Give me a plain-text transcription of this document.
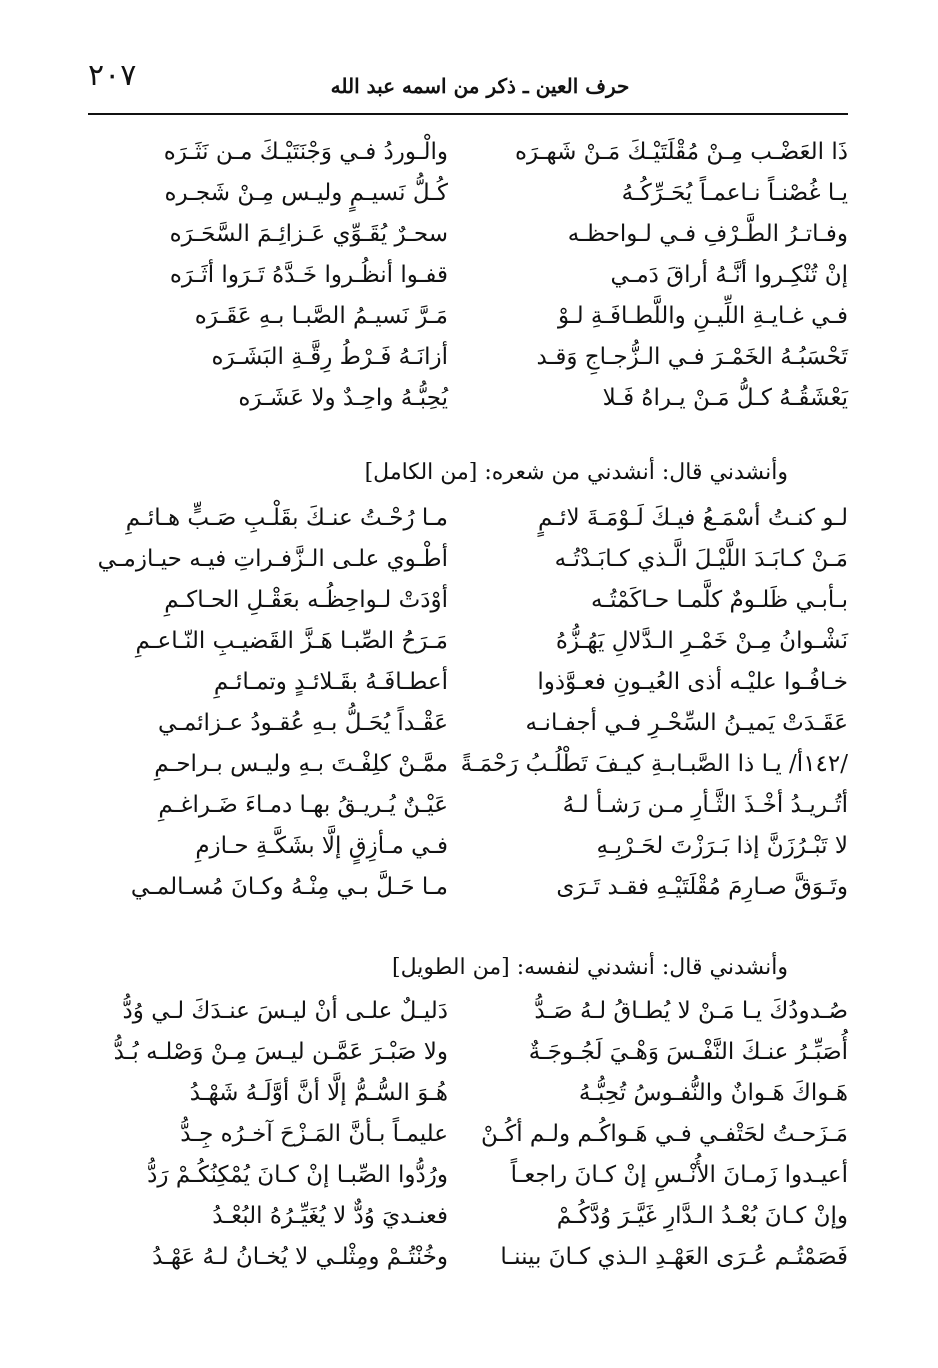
٢٠٧	حرف العين ـ ذكر من اسمه عبد الله
ذَا العَضْـب مِـنْ مُقْلَتَيْـكَ مَـنْ شَهـرَه
والْـوردُ فـي وَجْنَتَيْـكَ مـن نَثَـرَه
يـا غُصْنـاً نـاعمـاً يُحَـرِّكُـهُ
كُـلُّ نَسيـمٍ وليـس مِـنْ شَجـره
وفـاتـرُ الطَّـرْفِ فـي لـواحظـه
سحـرٌ يُقَـوِّي عَـزائِـمَ السَّحَـرَه
إنْ تُنْكِـروا أنَّـهُ أراقَ دَمـي
قفـوا أنظُـروا خَـدَّهُ تَـرَوا أثَـرَه
فـي غـايـةِ اللِّيـنِ واللَّطـافَـةِ لـوْ
مَـرَّ نَسيـمُ الصَّبـا بـهِ عَقَـرَه
تَحْسَبُـهُ الخَمْـرَ فـي الـزُّجـاجِ وَقـد
أزانَـهُ فَـرْطُ رِقَّـةِ البَشَـرَه
يَعْشَقُـهُ كـلُّ مَـنْ يـراهُ فَـلا
يُحِبُّـهُ واحِـدٌ ولا عَشَـرَه
وأنشدني قال: أنشدني من شعره: [من الكامل]
لـو كنـتُ أسْمَـعُ فيـكَ لَـوْمَـةَ لائـمٍ
مـا رُحْـتُ عنـكَ بقَلْـبِ صَـبٍّ هـائـمِ
مَـنْ كـابَـدَ اللَّيْـلَ الَّـذي كـابَـدْتُـه
أطْـوي علـى الـزَّفـراتِ فيـه حيـازمـي
بـأبـي ظَلـومٌ كلَّمـا حـاكَمْتُـه
أوْدَتْ لـواحِظُـه بعَقْـلِ الحـاكـمِ
نَشْـوانُ مِـنْ خَمْـرِ الـدَّلالِ يَهُـزُّهُ
مَـرَحُ الصِّبـا هَـزَّ القَضيـبِ النّـاعـمِ
خـافُـوا عليْـه أذى العُيـونِ فعـوَّذوا
أعطـافَـهُ بقَـلائـدٍ وتمـائـمِ
عَقَـدَتْ يَميـنُ السِّحْـرِ فـي أجفـانـه
عَقْـداً يُحَـلُّ بـهِ عُقـودُ عـزائمـي
/١٤٢أ/ يـا ذا الصَّبـابـةِ كيـفَ تَطْلُـبُ رَحْمَـةً
ممَّـنْ كلِفْـتَ بـهِ وليـس بـراحـمِ
أتُـريـدُ أخْـذَ الثَّـأرِ مـن رَشـأ لـهُ
عَيْـنٌ يُـريـقُ بهـا دمـاءَ ضَـراغـمِ
لا تَبْـرُزَنَّ إذا بَـرَزْتَ لحَـرْبِـهِ
فـي مـأزِقٍ إلَّا بشَكَّـةِ حـازمِ
وتَـوَقَّ صـارِمَ مُقْلَتَيْـهِ فقـد تَـرَى
مـا حَـلَّ بـي مِنْـهُ وكـانَ مُسـالمـي
وأنشدني قال: أنشدني لنفسه: [من الطويل]
صُـدودُكَ يـا مَـنْ لا يُطـاقُ لـهُ صَـدُّ
دَليـلٌ علـى أنْ ليـسَ عنـدَكَ لـي وُدُّ
أُصَبِّـرُ عنـكَ النَّفْـسَ وَهْـيَ لَجُـوجَـةٌ
ولا صَبْـرَ عَمَّـن ليـسَ مِـنْ وَصْلـه بُـدُّ
هَـواكَ هَـوانٌ والنُّفـوسُ تُحِبُّـهُ
هُـوَ السُّـمُّ إلَّا أنَّ أوَّلَـهُ شَهْـدُ
مَـزَحـتُ لحَتْفـي فـي هَـواكُـم ولـم أكُـنْ
عليمـاً بـأنَّ المَـزْحَ آخـرُه جِـدُّ
أعيـدوا زَمـانَ الأُنْـسِ إنْ كـانَ راجعـاً
ورُدُّوا الصِّبـا إنْ كـانَ يُمْكِنُكُـمْ رَدُّ
وإنْ كـانَ بُعْـدُ الـدَّارِ غَيَّـرَ وُدَّكُـمْ
فعنـديَ وُدٌّ لا يُغَيِّـرُهُ البُعْـدُ
فَصَمْتُـم عُـرَى العَهْـدِ الـذي كـانَ بيننـا
وخُنْتُـمْ ومِثْلـي لا يُخـانُ لـهُ عَهْـدُ
